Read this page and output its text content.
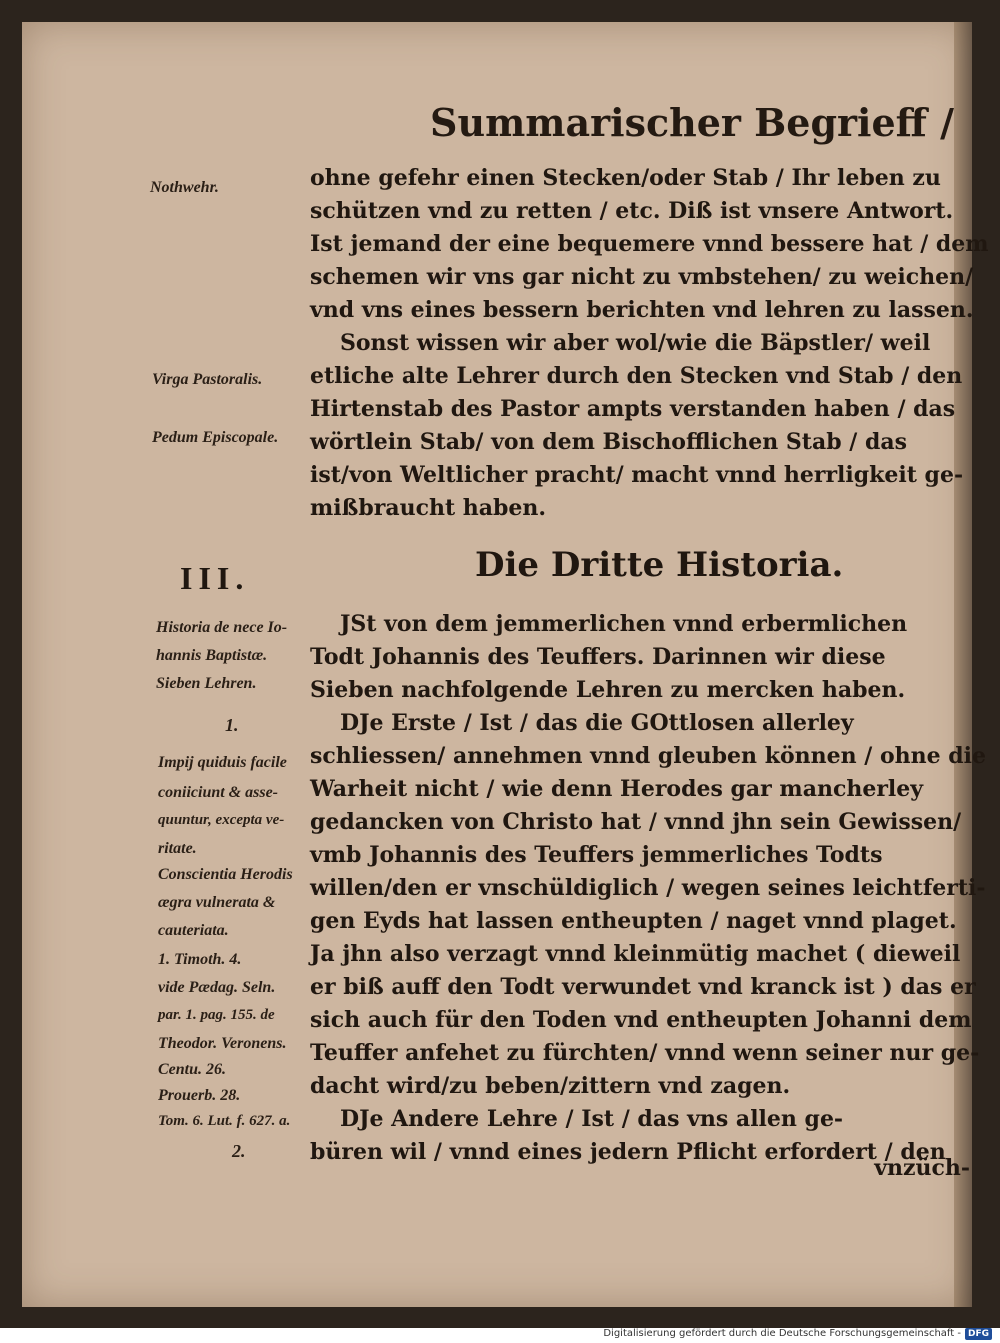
Summarischer Begrieff /
Nothwehr.
Virga Pastoralis.
Pedum Episcopale.
Historia de nece Io-
hannis Baptistæ.
Sieben Lehren.
1.
Impij quiduis facile
coniiciunt & asse-
quuntur, excepta ve-
ritate.
Conscientia Herodis
ægra vulnerata &
cauteriata.
1. Timoth. 4.
vide Pædag. Seln.
par. 1. pag. 155. de
Theodor. Veronens.
Centu. 26.
Prouerb. 28.
Tom. 6. Lut. f. 627. a.
2.
III.	Die Dritte Historia.
ohne gefehr einen Stecken/oder Stab / Ihr leben zu
schützen vnd zu retten / etc. Diß ist vnsere Antwort.
Ist jemand der eine bequemere vnnd bessere hat / dem
schemen wir vns gar nicht zu vmbstehen/ zu weichen/
vnd vns eines bessern berichten vnd lehren zu lassen.
Sonst wissen wir aber wol/wie die Bäpstler/ weil
etliche alte Lehrer durch den Stecken vnd Stab / den
Hirtenstab des Pastor ampts verstanden haben / das
wörtlein Stab/ von dem Bischofflichen Stab / das
ist/von Weltlicher pracht/ macht vnnd herrligkeit ge-
mißbraucht haben.
JSt von dem jemmerlichen vnnd erbermlichen
Todt Johannis des Teuffers. Darinnen wir diese
Sieben nachfolgende Lehren zu mercken haben.
DJe Erste / Ist / das die GOttlosen allerley
schliessen/ annehmen vnnd gleuben können / ohne die
Warheit nicht / wie denn Herodes gar mancherley
gedancken von Christo hat / vnnd jhn sein Gewissen/
vmb Johannis des Teuffers jemmerliches Todts
willen/den er vnschüldiglich / wegen seines leichtferti-
gen Eyds hat lassen entheupten / naget vnnd plaget.
Ja jhn also verzagt vnnd kleinmütig machet ( dieweil
er biß auff den Todt verwundet vnd kranck ist ) das er
sich auch für den Toden vnd entheupten Johanni dem
Teuffer anfehet zu fürchten/ vnnd wenn seiner nur ge-
dacht wird/zu beben/zittern vnd zagen.
DJe Andere Lehre / Ist / das vns allen ge-
büren wil / vnnd eines jedern Pflicht erfordert / den
vnzüch-
Digitalisierung gefördert durch die Deutsche Forschungsgemeinschaft - DFG
